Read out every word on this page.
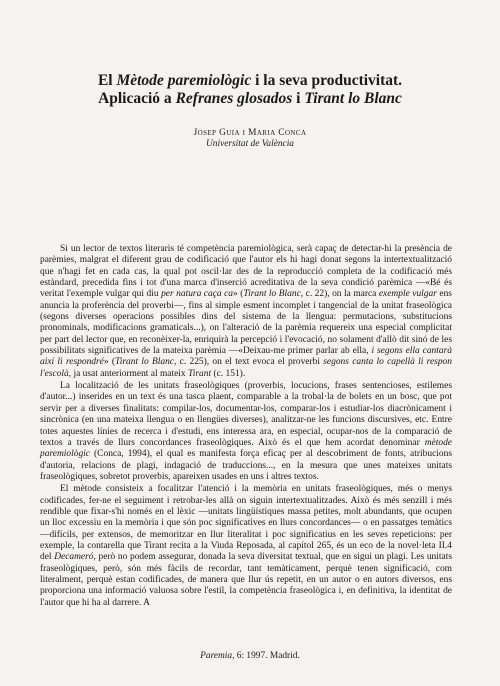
El Mètode paremiològic i la seva productivitat.
Aplicació a Refranes glosados i Tirant lo Blanc
Josep Guia i Maria Conca
Universitat de València

Si un lector de textos literaris té competència paremiològica, serà capaç de detectar-hi la presència de parèmies, malgrat el diferent grau de codificació que l'autor els hi hagi donat segons la intertextualització que n'hagi fet en cada cas, la qual pot oscil·lar des de la reproducció completa de la codificació més estàndard, precedida fins i tot d'una marca d'inserció acreditativa de la seva condició parèmica —«Bé és veritat l'exemple vulgar qui diu per natura caça ca» (Tirant lo Blanc, c. 22), on la marca exemple vulgar ens anuncia la proferència del proverbi—, fins al simple esment incomplet i tangencial de la unitat fraseològica (segons diverses operacions possibles dins del sistema de la llengua: permutacions, substitucions pronominals, modificacions gramaticals...), on l'alteració de la parèmia requereix una especial complicitat per part del lector que, en reconèixer-la, enriquirà la percepció i l'evocació, no solament d'allò dit sinó de les possibilitats significatives de la mateixa parèmia —«Deixau-me primer parlar ab ella, i segons ella cantarà així li respondré» (Tirant lo Blanc, c. 225), on el text evoca el proverbi segons canta lo capellà li respon l'escolà, ja usat anteriorment al mateix Tirant (c. 151).

La localització de les unitats fraseològiques (proverbis, locucions, frases sentencioses, estilemes d'autor...) inserides en un text és una tasca plaent, comparable a la trobal·la de bolets en un bosc, que pot servir per a diverses finalitats: compilar-los, documentar-los, comparar-los i estudiar-los diacrònicament i sincrònica (en una mateixa llengua o en llengües diverses), analitzar-ne les funcions discursives, etc. Entre totes aquestes línies de recerca i d'estudi, ens interessa ara, en especial, ocupar-nos de la comparació de textos a través de llurs concordances fraseològiques. Això és el que hem acordat denominar mètode paremiològic (Conca, 1994), el qual es manifesta força eficaç per al descobriment de fonts, atribucions d'autoria, relacions de plagi, indagació de traduccions..., en la mesura que unes mateixes unitats fraseològiques, sobretot proverbis, apareixen usades en uns i altres textos.

El mètode consisteix a focalitzar l'atenció i la memòria en unitats fraseològiques, més o menys codificades, fer-ne el seguiment i retrobar-les allà on siguin intertextualitzades. Això és més senzill i més rendible que fixar-s'hi només en el lèxic —unitats lingüístiques massa petites, molt abundants, que ocupen un lloc excessiu en la memòria i que són poc significatives en llurs concordances— o en passatges temàtics —difícils, per extensos, de memoritzar en llur literalitat i poc significatius en les seves repeticions: per exemple, la contarella que Tirant recita a la Viuda Reposada, al capítol 265, és un eco de la novel·leta II.4 del Decameró, però no podem assegurar, donada la seva diversitat textual, que en sigui un plagi. Les unitats fraseològiques, però, són més fàcils de recordar, tant temàticament, perquè tenen significació, com literalment, perquè estan codificades, de manera que llur ús repetit, en un autor o en autors diversos, ens proporciona una informació valuosa sobre l'estil, la competència fraseològica i, en definitiva, la identitat de l'autor que hi ha al darrere. A

Paremia, 6: 1997. Madrid.
